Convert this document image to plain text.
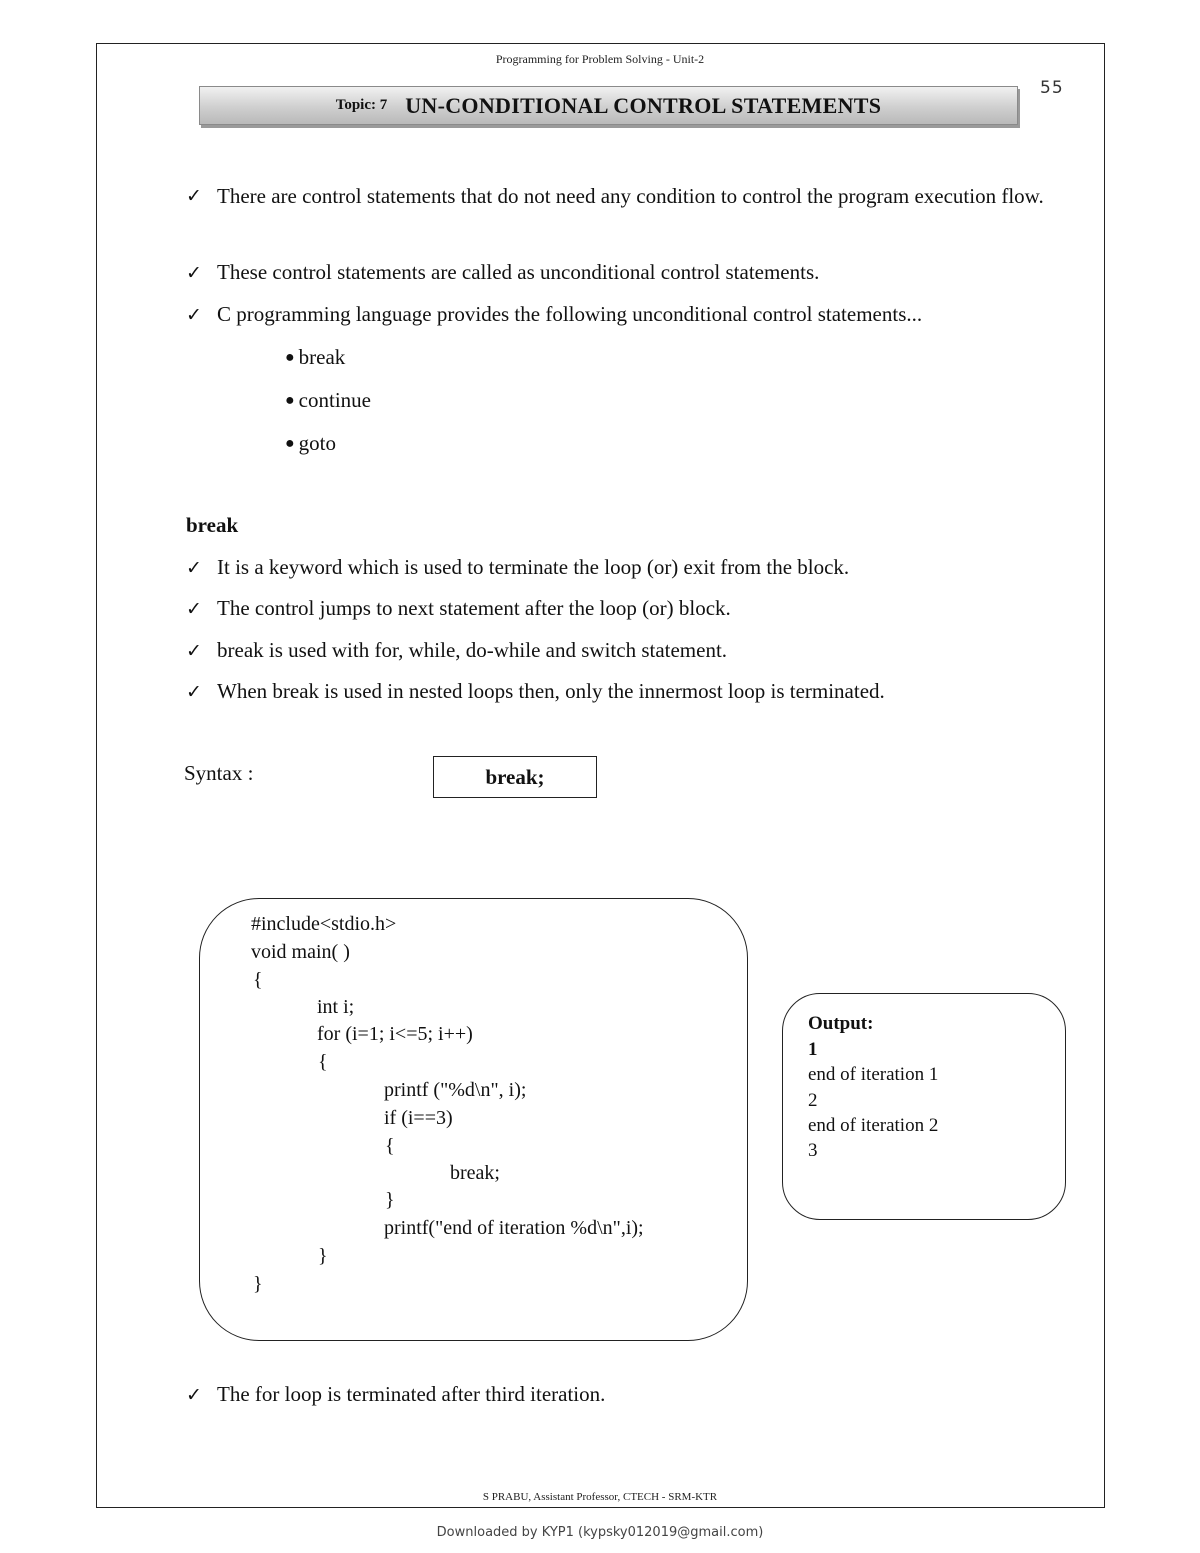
Programming for Problem Solving - Unit-2
55
Topic: 7 UN-CONDITIONAL CONTROL STATEMENTS
✓ There are control statements that do not need any condition to control the program execution flow.
✓ These control statements are called as unconditional control statements.
✓ C programming language provides the following unconditional control statements...
● break
● continue
● goto
break
✓ It is a keyword which is used to terminate the loop (or) exit from the block.
✓ The control jumps to next statement after the loop (or) block.
✓ break is used with for, while, do-while and switch statement.
✓ When break is used in nested loops then, only the innermost loop is terminated.
Syntax :	break;
#include<stdio.h>
void main( )
{
int i;
for (i=1; i<=5; i++)
{
printf ("%d\n", i);
if (i==3)
{
break;
}
printf("end of iteration %d\n",i);
}
}
Output:
1
end of iteration 1
2
end of iteration 2
3
✓ The for loop is terminated after third iteration.
S PRABU, Assistant Professor, CTECH - SRM-KTR
Downloaded by KYP1 (kypsky012019@gmail.com)
